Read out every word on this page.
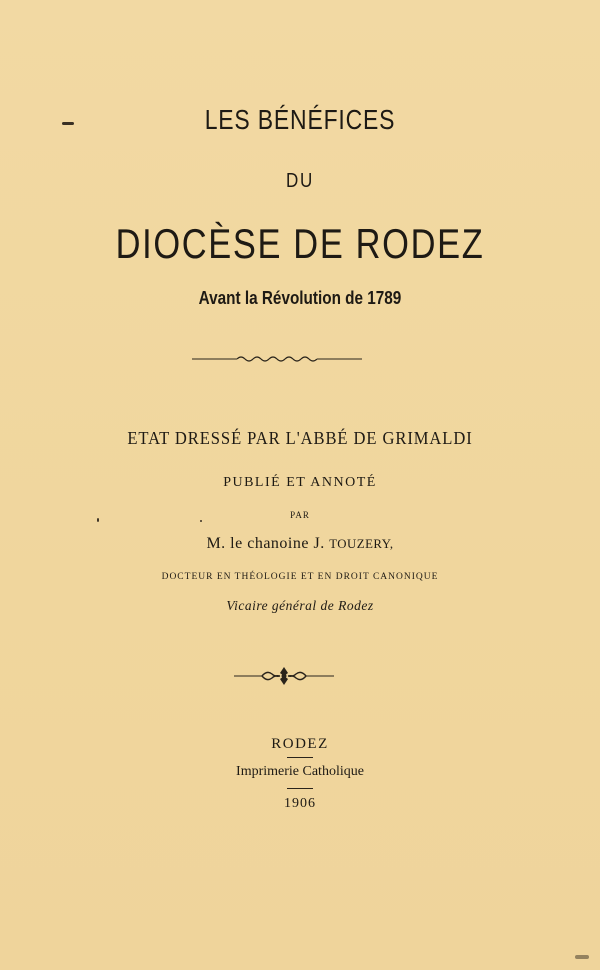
LES BÉNÉFICES
DU
DIOCÈSE DE RODEZ
Avant la Révolution de 1789
ETAT DRESSÉ PAR L'ABBÉ DE GRIMALDI
PUBLIÉ ET ANNOTÉ
PAR
M. le chanoine J. TOUZERY,
DOCTEUR EN THÉOLOGIE ET EN DROIT CANONIQUE
Vicaire général de Rodez
RODEZ
Imprimerie Catholique
1906
